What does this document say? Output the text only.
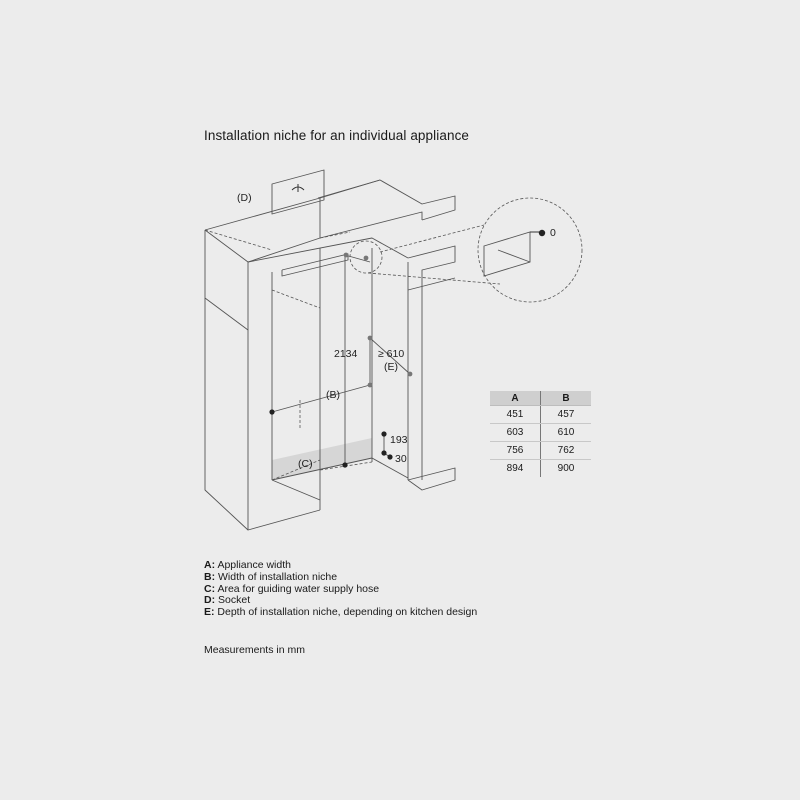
Installation niche for an individual appliance
(D)
(B)
(C)
(E)
2134 ≥ 610
193
30
0
A	B
451	457
603	610
756	762
894	900
A: Appliance width
B: Width of installation niche
C: Area for guiding water supply hose
D: Socket
E: Depth of installation niche, depending on kitchen design
Measurements in mm
